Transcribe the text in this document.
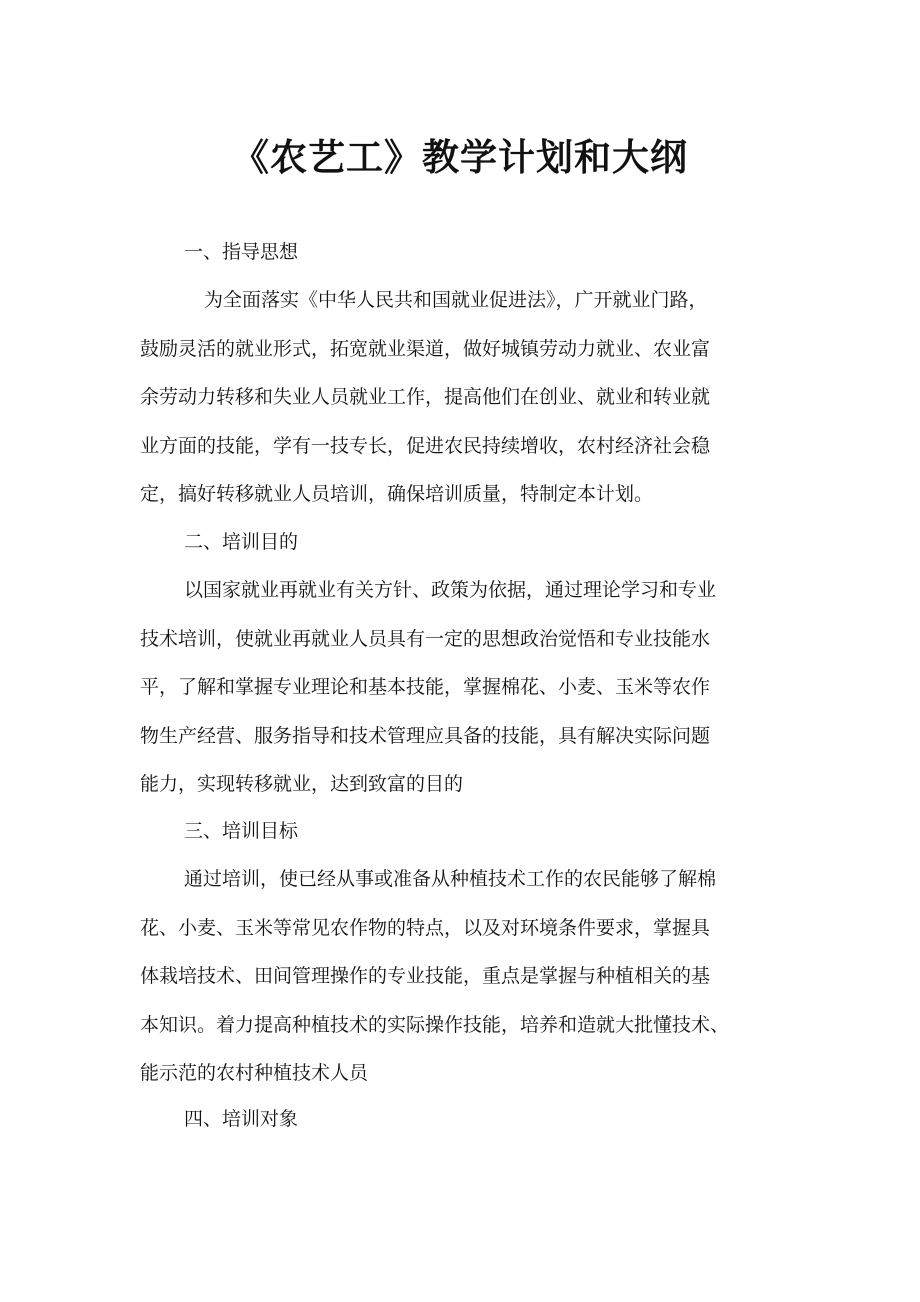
《农艺工》教学计划和大纲
一、指导思想
为全面落实《中华人民共和国就业促进法》，广开就业门路，
鼓励灵活的就业形式，拓宽就业渠道，做好城镇劳动力就业、农业富
余劳动力转移和失业人员就业工作，提高他们在创业、就业和转业就
业方面的技能，学有一技专长，促进农民持续增收，农村经济社会稳
定，搞好转移就业人员培训，确保培训质量，特制定本计划。
二、培训目的
以国家就业再就业有关方针、政策为依据，通过理论学习和专业
技术培训，使就业再就业人员具有一定的思想政治觉悟和专业技能水
平，了解和掌握专业理论和基本技能，掌握棉花、小麦、玉米等农作
物生产经营、服务指导和技术管理应具备的技能，具有解决实际问题
能力，实现转移就业，达到致富的目的
三、培训目标
通过培训，使已经从事或准备从种植技术工作的农民能够了解棉
花、小麦、玉米等常见农作物的特点，以及对环境条件要求，掌握具
体栽培技术、田间管理操作的专业技能，重点是掌握与种植相关的基
本知识。着力提高种植技术的实际操作技能，培养和造就大批懂技术、
能示范的农村种植技术人员
四、培训对象
